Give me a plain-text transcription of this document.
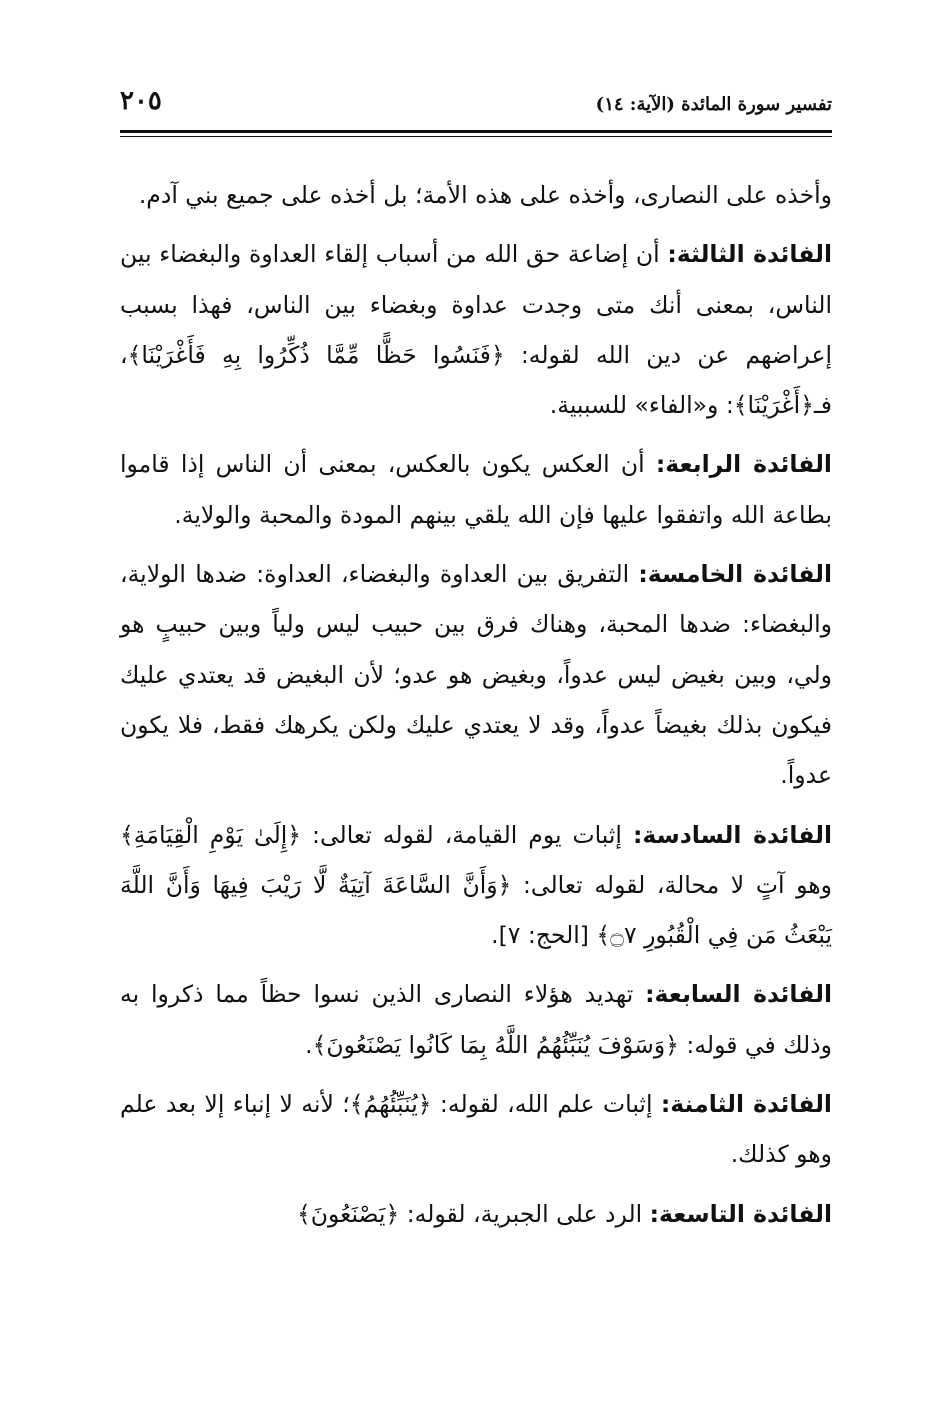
تفسير سورة المائدة (الآية: ١٤)
٢٠٥

وأخذه على النصارى، وأخذه على هذه الأمة؛ بل أخذه على جميع بني آدم.

الفائدة الثالثة: أن إضاعة حق الله من أسباب إلقاء العداوة والبغضاء بين الناس، بمعنى أنك متى وجدت عداوة وبغضاء بين الناس، فهذا بسبب إعراضهم عن دين الله لقوله: ﴿فَنَسُوا حَظًّا مِّمَّا ذُكِّرُوا بِهِ فَأَغْرَيْنَا﴾، فـ﴿أَغْرَيْنَا﴾: و«الفاء» للسببية.

الفائدة الرابعة: أن العكس يكون بالعكس، بمعنى أن الناس إذا قاموا بطاعة الله واتفقوا عليها فإن الله يلقي بينهم المودة والمحبة والولاية.

الفائدة الخامسة: التفريق بين العداوة والبغضاء، العداوة: ضدها الولاية، والبغضاء: ضدها المحبة، وهناك فرق بين حبيب ليس ولياً وبين حبيبٍ هو ولي، وبين بغيض ليس عدواً، وبغيض هو عدو؛ لأن البغيض قد يعتدي عليك فيكون بذلك بغيضاً عدواً، وقد لا يعتدي عليك ولكن يكرهك فقط، فلا يكون عدواً.

الفائدة السادسة: إثبات يوم القيامة، لقوله تعالى: ﴿إِلَىٰ يَوْمِ الْقِيَامَةِ﴾ وهو آتٍ لا محالة، لقوله تعالى: ﴿وَأَنَّ السَّاعَةَ آتِيَةٌ لَّا رَيْبَ فِيهَا وَأَنَّ اللَّهَ يَبْعَثُ مَن فِي الْقُبُورِ ۝٧﴾ [الحج: ٧].

الفائدة السابعة: تهديد هؤلاء النصارى الذين نسوا حظاً مما ذكروا به وذلك في قوله: ﴿وَسَوْفَ يُنَبِّئُهُمُ اللَّهُ بِمَا كَانُوا يَصْنَعُونَ﴾.

الفائدة الثامنة: إثبات علم الله، لقوله: ﴿يُنَبِّئُهُمُ﴾؛ لأنه لا إنباء إلا بعد علم وهو كذلك.

الفائدة التاسعة: الرد على الجبرية، لقوله: ﴿يَصْنَعُونَ﴾
